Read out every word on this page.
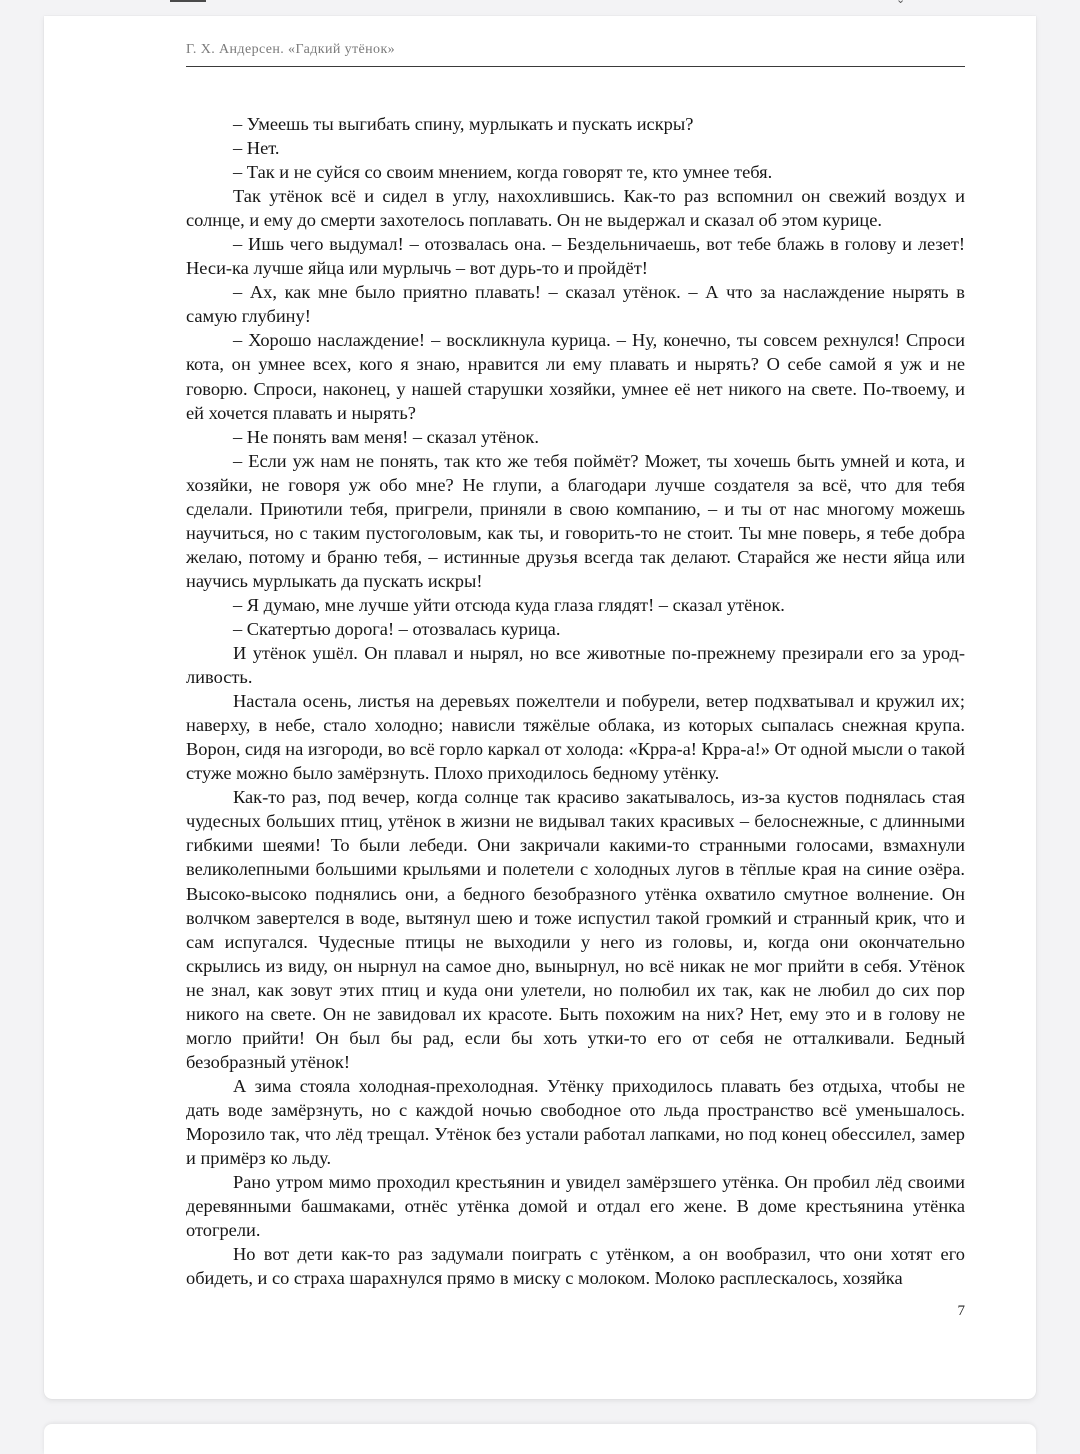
Г. Х. Андерсен. «Гадкий утёнок»

– Умеешь ты выгибать спину, мурлыкать и пускать искры?

– Нет.

– Так и не суйся со своим мнением, когда говорят те, кто умнее тебя.

Так утёнок всё и сидел в углу, нахохлившись. Как-то раз вспомнил он свежий воздух и солнце, и ему до смерти захотелось поплавать. Он не выдержал и сказал об этом курице.

– Ишь чего выдумал! – отозвалась она. – Бездельничаешь, вот тебе блажь в голову и лезет! Неси-ка лучше яйца или мурлычь – вот дурь-то и пройдёт!

– Ах, как мне было приятно плавать! – сказал утёнок. – А что за наслаждение нырять в самую глубину!

– Хорошо наслаждение! – воскликнула курица. – Ну, конечно, ты совсем рехнулся! Спроси кота, он умнее всех, кого я знаю, нравится ли ему плавать и нырять? О себе самой я уж и не говорю. Спроси, наконец, у нашей старушки хозяйки, умнее её нет никого на свете. По-твоему, и ей хочется плавать и нырять?

– Не понять вам меня! – сказал утёнок.

– Если уж нам не понять, так кто же тебя поймёт? Может, ты хочешь быть умней и кота, и хозяйки, не говоря уж обо мне? Не глупи, а благодари лучше создателя за всё, что для тебя сделали. Приютили тебя, пригрели, приняли в свою компанию, – и ты от нас многому можешь научиться, но с таким пустоголовым, как ты, и говорить-то не стоит. Ты мне поверь, я тебе добра желаю, потому и браню тебя, – истинные друзья всегда так делают. Старайся же нести яйца или научись мурлыкать да пускать искры!

– Я думаю, мне лучше уйти отсюда куда глаза глядят! – сказал утёнок.

– Скатертью дорога! – отозвалась курица.

И утёнок ушёл. Он плавал и нырял, но все животные по-прежнему презирали его за уродливость.

Настала осень, листья на деревьях пожелтели и побурели, ветер подхватывал и кружил их; наверху, в небе, стало холодно; нависли тяжёлые облака, из которых сыпалась снежная крупа. Ворон, сидя на изгороди, во всё горло каркал от холода: «Крра-а! Крра-а!» От одной мысли о такой стуже можно было замёрзнуть. Плохо приходилось бедному утёнку.

Как-то раз, под вечер, когда солнце так красиво закатывалось, из-за кустов поднялась стая чудесных больших птиц, утёнок в жизни не видывал таких красивых – белоснежные, с длинными гибкими шеями! То были лебеди. Они закричали какими-то странными голосами, взмахнули великолепными большими крыльями и полетели с холодных лугов в тёплые края на синие озёра. Высоко-высоко поднялись они, а бедного безобразного утёнка охватило смутное волнение. Он волчком завертелся в воде, вытянул шею и тоже испустил такой громкий и странный крик, что и сам испугался. Чудесные птицы не выходили у него из головы, и, когда они окончательно скрылись из виду, он нырнул на самое дно, вынырнул, но всё никак не мог прийти в себя. Утёнок не знал, как зовут этих птиц и куда они улетели, но полюбил их так, как не любил до сих пор никого на свете. Он не завидовал их красоте. Быть похожим на них? Нет, ему это и в голову не могло прийти! Он был бы рад, если бы хоть утки-то его от себя не отталкивали. Бедный безобразный утёнок!

А зима стояла холодная-прехолодная. Утёнку приходилось плавать без отдыха, чтобы не дать воде замёрзнуть, но с каждой ночью свободное ото льда пространство всё уменьшалось. Морозило так, что лёд трещал. Утёнок без устали работал лапками, но под конец обессилел, замер и примёрз ко льду.

Рано утром мимо проходил крестьянин и увидел замёрзшего утёнка. Он пробил лёд своими деревянными башмаками, отнёс утёнка домой и отдал его жене. В доме крестьянина утёнка отогрели.

Но вот дети как-то раз задумали поиграть с утёнком, а он вообразил, что они хотят его обидеть, и со страха шарахнулся прямо в миску с молоком. Молоко расплескалось, хозяйка

7
